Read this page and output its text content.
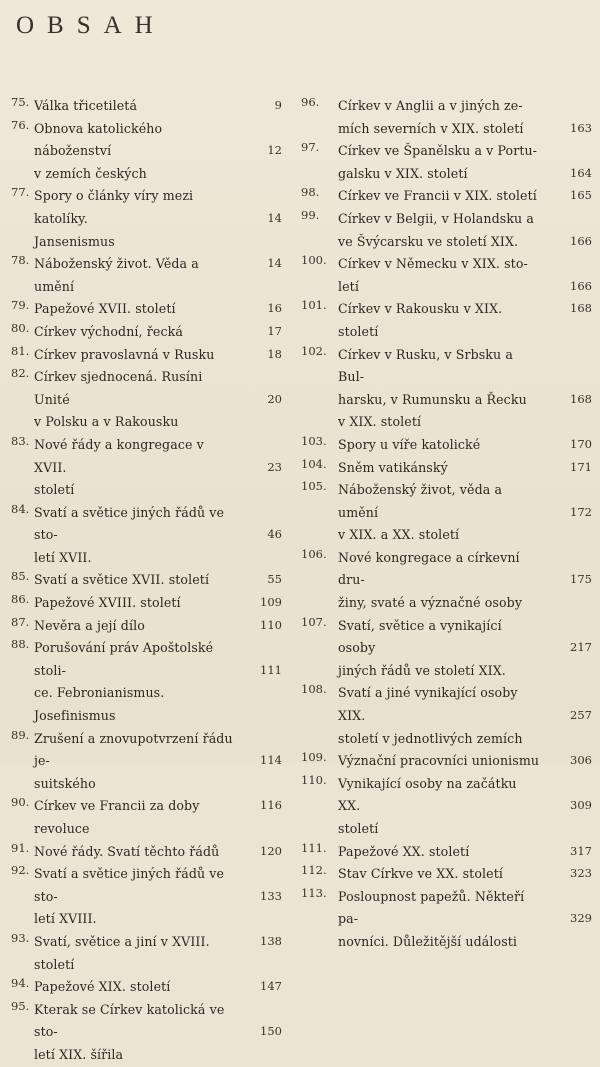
OBSAH
75. Válka třicetiletá	9
76. Obnova katolického náboženství
v zemích českých
12
77. Spory o články víry mezi katolíky.
Jansenismus
14
78. Náboženský život. Věda a umění
14
79. Papežové XVII. století	16
80. Církev východní, řecká	17
81. Církev pravoslavná v Rusku	18
82. Církev sjednocená. Rusíni Unité
v Polsku a v Rakousku
20
83. Nové řády a kongregace v XVII.
století
23
84. Svatí a světice jiných řádů ve sto-
letí XVII.
46
85. Svatí a světice XVII. století	55
86. Papežové XVIII. století	109
87. Nevěra a její dílo	110
88. Porušování práv Apoštolské stoli-
ce. Febronianismus. Josefinismus
111
89. Zrušení a znovupotvrzení řádu je-
suitského
114
90. Církev ve Francii za doby revoluce
116
91. Nové řády. Svatí těchto řádů	120
92. Svatí a světice jiných řádů ve sto-
letí XVIII.
133
93. Svatí, světice a jiní v XVIII. století
138
94. Papežové XIX. století	147
95. Kterak se Církev katolická ve sto-
letí XIX. šířila
150
96. Církev v Anglii a v jiných ze-
mích severních v XIX. století	163
97. Církev ve Španělsku a v Portu-
galsku v XIX. století	164
98. Církev ve Francii v XIX. století	165
99. Církev v Belgii, v Holandsku a
ve Švýcarsku ve století XIX.	166
100. Církev v Německu v XIX. sto-
letí	166
101. Církev v Rakousku v XIX. století
168
102. Církev v Rusku, v Srbsku a Bul-
harsku, v Rumunsku a Řecku
v XIX. století
168
103. Spory u víře katolické	170
104. Sněm vatikánský	171
105. Náboženský život, věda a umění
v XIX. a XX. století
172
106. Nové kongregace a církevní dru-
žiny, svaté a význačné osoby
175
107. Svatí, světice a vynikající osoby
jiných řádů ve století XIX.
217
108. Svatí a jiné vynikající osoby XIX.
století v jednotlivých zemích
257
109. Význační pracovníci unionismu	306
110. Vynikající osoby na začátku XX.
století
309
111. Papežové XX. století	317
112. Stav Církve ve XX. století	323
113. Posloupnost papežů. Někteří pa-
novníci. Důležitější události
329
